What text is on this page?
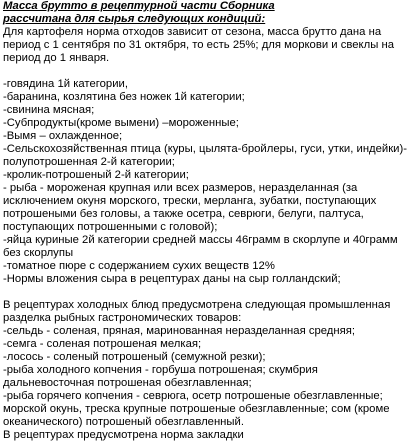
Масса брутто в рецептурной части Сборника

рассчитана для сырья следующих кондиций:

Для картофеля норма отходов зависит от сезона, масса брутто дана на период с 1 сентября по 31 октября, то есть 25%; для моркови и свеклы на период до 1 января.

-говядина 1й категории,
-баранина, козлятина без ножек 1й категории;
-свинина мясная;
-Субпродукты(кроме вымени) –мороженные;
-Вымя – охлажденное;
-Сельскохозяйственная птица (куры, цылята-бройлеры, гуси, утки, индейки)-полупотрошенная 2-й категории;
-кролик-потрошеный 2-й категории;
- рыба - мороженая крупная или всех размеров, неразделанная (за исключением окуня морского, трески, мерланга, зубатки, поступающих потрошеными без головы, а также осетра, севрюги, белуги, палтуса, поступающих потрошенными с головой);
-яйца куриные 2й категории средней массы 46грамм в скорлупе и 40грамм без скорлупы
-томатное пюре с содержанием сухих веществ 12%
-Нормы вложения сыра в рецептурах даны на сыр голландский;

В рецептурах холодных блюд предусмотрена следующая промышленная разделка рыбных гастрономических товаров:

-сельдь - соленая, пряная, маринованная неразделанная средняя;
-семга - соленая потрошеная мелкая;
-лосось - соленый потрошеный (семужной резки);
-рыба холодного копчения - горбуша потрошеная; скумбрия дальневосточная потрошеная обезглавленная;
-рыба горячего копчения - севрюга, осетр потрошеные обезглавленные; морской окунь, треска крупные потрошеные обезглавленные; сом (кроме океанического) потрошеный обезглавленный.

В рецептурах предусмотрена норма закладки
